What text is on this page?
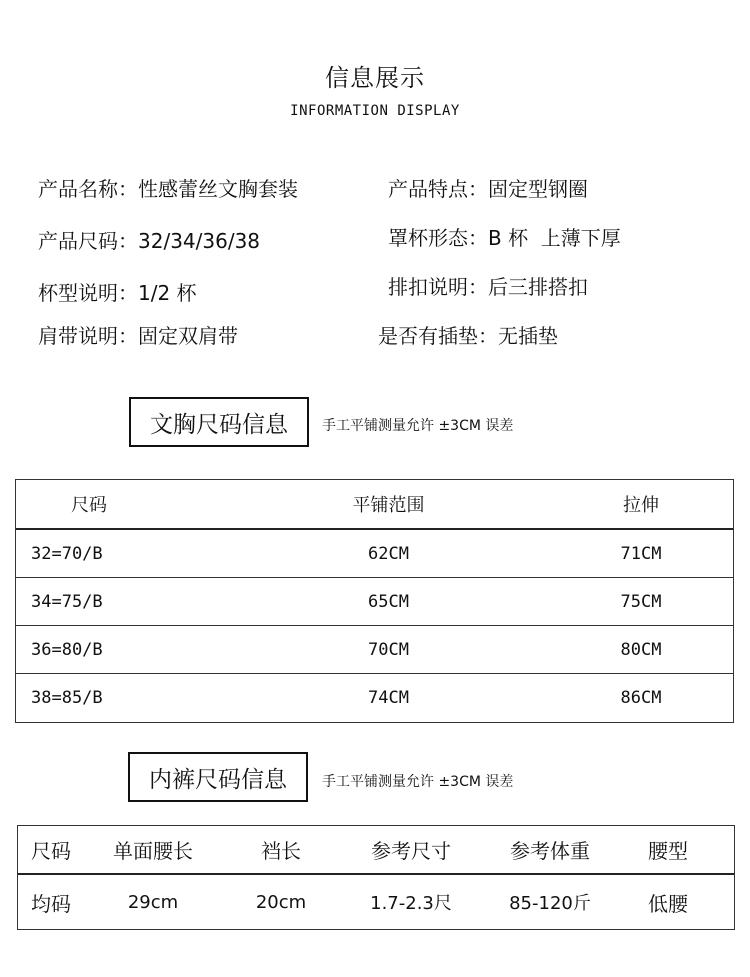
信息展示
INFORMATION DISPLAY
产品名称：性感蕾丝文胸套装	产品特点：固定型钢圈
产品尺码：32/34/36/38	罩杯形态：B 杯  上薄下厚
杯型说明：1/2 杯	排扣说明：后三排搭扣
肩带说明：固定双肩带	是否有插垫：无插垫
文胸尺码信息	手工平铺测量允许 ±3CM 误差
尺码	平铺范围	拉伸
32=70/B	62CM	71CM
34=75/B	65CM	75CM
36=80/B	70CM	80CM
38=85/B	74CM	86CM
内裤尺码信息	手工平铺测量允许 ±3CM 误差
尺码	单面腰长	裆长	参考尺寸	参考体重	腰型
均码	29cm	20cm	1.7-2.3尺	85-120斤	低腰
